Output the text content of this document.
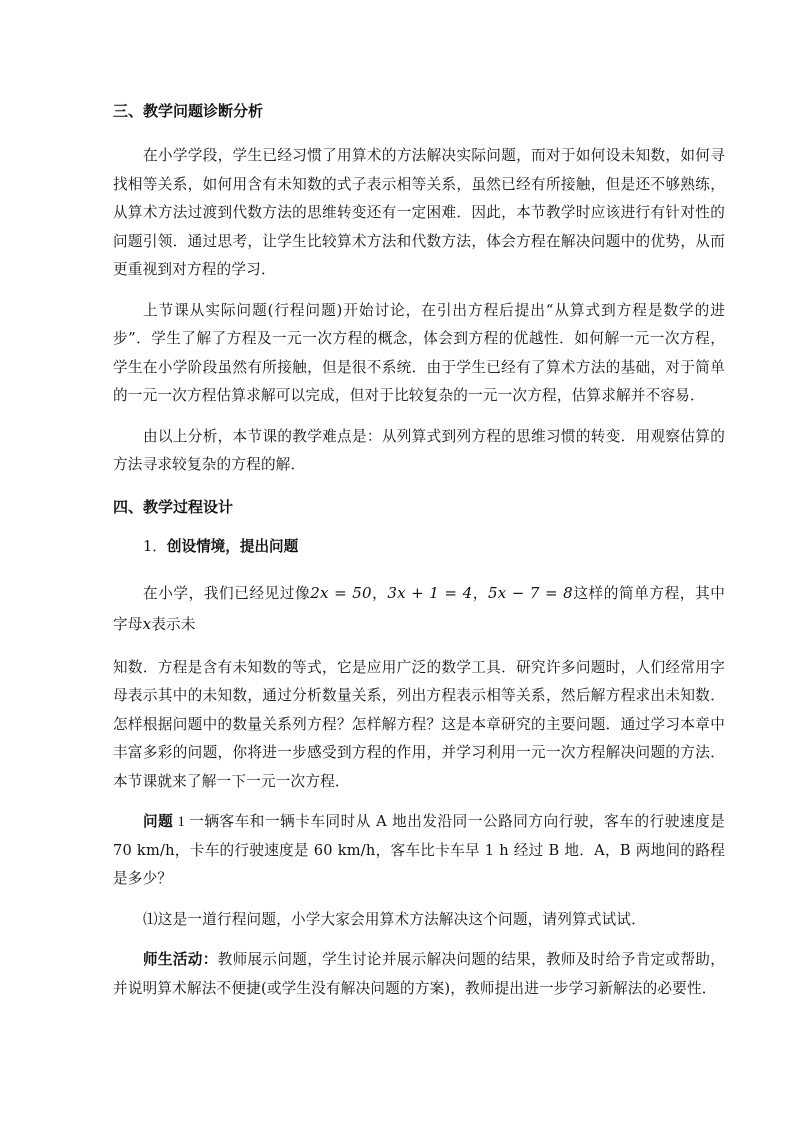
三、教学问题诊断分析

在小学学段，学生已经习惯了用算术的方法解决实际问题，而对于如何设未知数，如何寻找相等关系，如何用含有未知数的式子表示相等关系，虽然已经有所接触，但是还不够熟练，从算术方法过渡到代数方法的思维转变还有一定困难．因此，本节教学时应该进行有针对性的问题引领．通过思考，让学生比较算术方法和代数方法，体会方程在解决问题中的优势，从而更重视到对方程的学习．

上节课从实际问题(行程问题)开始讨论，在引出方程后提出“从算式到方程是数学的进步”．学生了解了方程及一元一次方程的概念，体会到方程的优越性．如何解一元一次方程，学生在小学阶段虽然有所接触，但是很不系统．由于学生已经有了算术方法的基础，对于简单的一元一次方程估算求解可以完成，但对于比较复杂的一元一次方程，估算求解并不容易．

由以上分析，本节课的教学难点是：从列算式到列方程的思维习惯的转变．用观察估算的方法寻求较复杂的方程的解．

四、教学过程设计
1．创设情境，提出问题

在小学，我们已经见过像2x = 50，3x + 1 = 4，5x − 7 = 8这样的简单方程，其中字母x表示未

知数．方程是含有未知数的等式，它是应用广泛的数学工具．研究许多问题时，人们经常用字母表示其中的未知数，通过分析数量关系，列出方程表示相等关系，然后解方程求出未知数．怎样根据问题中的数量关系列方程？怎样解方程？这是本章研究的主要问题．通过学习本章中丰富多彩的问题，你将进一步感受到方程的作用，并学习利用一元一次方程解决问题的方法．本节课就来了解一下一元一次方程．

问题 1 一辆客车和一辆卡车同时从 A 地出发沿同一公路同方向行驶，客车的行驶速度是 70 km/h，卡车的行驶速度是 60 km/h，客车比卡车早 1 h 经过 B 地．A，B 两地间的路程是多少？

⑴这是一道行程问题，小学大家会用算术方法解决这个问题，请列算式试试．

师生活动：教师展示问题，学生讨论并展示解决问题的结果，教师及时给予肯定或帮助，并说明算术解法不便捷(或学生没有解决问题的方案)，教师提出进一步学习新解法的必要性．
